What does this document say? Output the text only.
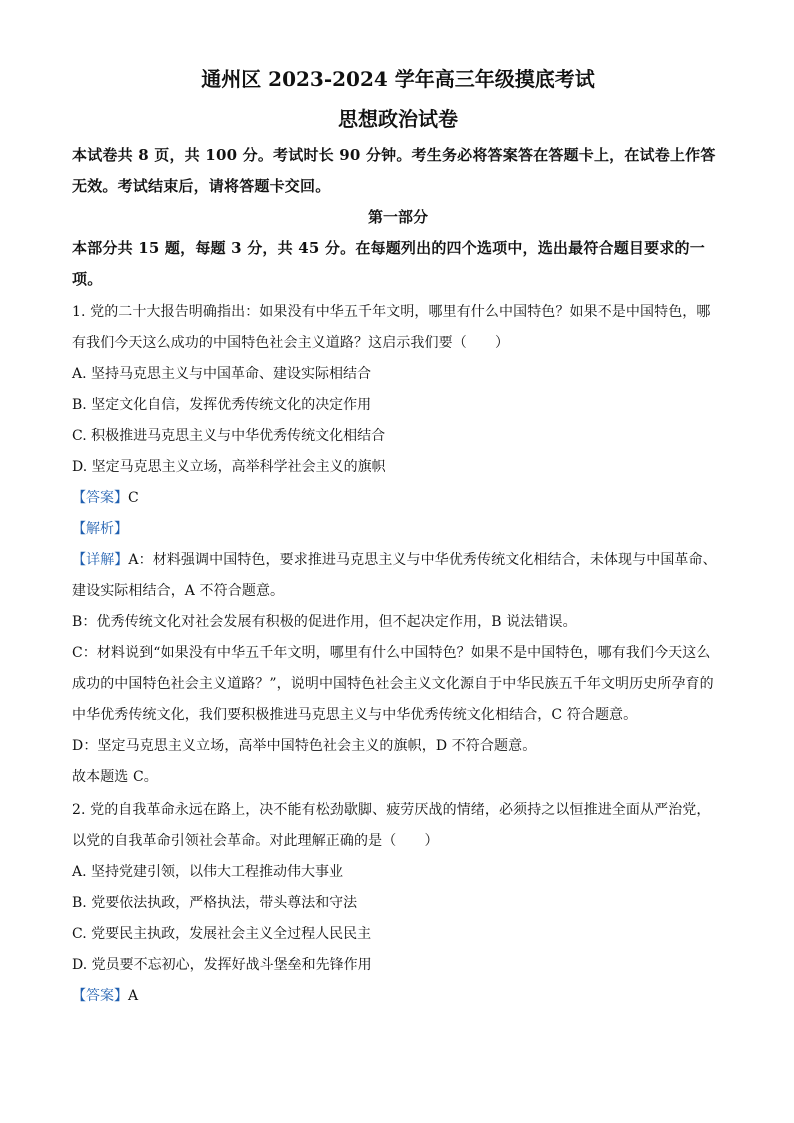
通州区 2023-2024 学年高三年级摸底考试

思想政治试卷

本试卷共 8 页，共 100 分。考试时长 90 分钟。考生务必将答案答在答题卡上，在试卷上作答无效。考试结束后，请将答题卡交回。

第一部分

本部分共 15 题，每题 3 分，共 45 分。在每题列出的四个选项中，选出最符合题目要求的一项。

1. 党的二十大报告明确指出：如果没有中华五千年文明，哪里有什么中国特色？如果不是中国特色，哪有我们今天这么成功的中国特色社会主义道路？这启示我们要（　　）

A. 坚持马克思主义与中国革命、建设实际相结合

B. 坚定文化自信，发挥优秀传统文化的决定作用

C. 积极推进马克思主义与中华优秀传统文化相结合

D. 坚定马克思主义立场，高举科学社会主义的旗帜

【答案】C

【解析】

【详解】A：材料强调中国特色，要求推进马克思主义与中华优秀传统文化相结合，未体现与中国革命、建设实际相结合，A 不符合题意。

B：优秀传统文化对社会发展有积极的促进作用，但不起决定作用，B 说法错误。

C：材料说到“如果没有中华五千年文明，哪里有什么中国特色？如果不是中国特色，哪有我们今天这么成功的中国特色社会主义道路？”，说明中国特色社会主义文化源自于中华民族五千年文明历史所孕育的中华优秀传统文化，我们要积极推进马克思主义与中华优秀传统文化相结合，C 符合题意。

D：坚定马克思主义立场，高举中国特色社会主义的旗帜，D 不符合题意。

故本题选 C。

2. 党的自我革命永远在路上，决不能有松劲歇脚、疲劳厌战的情绪，必须持之以恒推进全面从严治党，以党的自我革命引领社会革命。对此理解正确的是（　　）

A. 坚持党建引领，以伟大工程推动伟大事业

B. 党要依法执政，严格执法，带头尊法和守法

C. 党要民主执政，发展社会主义全过程人民民主

D. 党员要不忘初心，发挥好战斗堡垒和先锋作用

【答案】A
